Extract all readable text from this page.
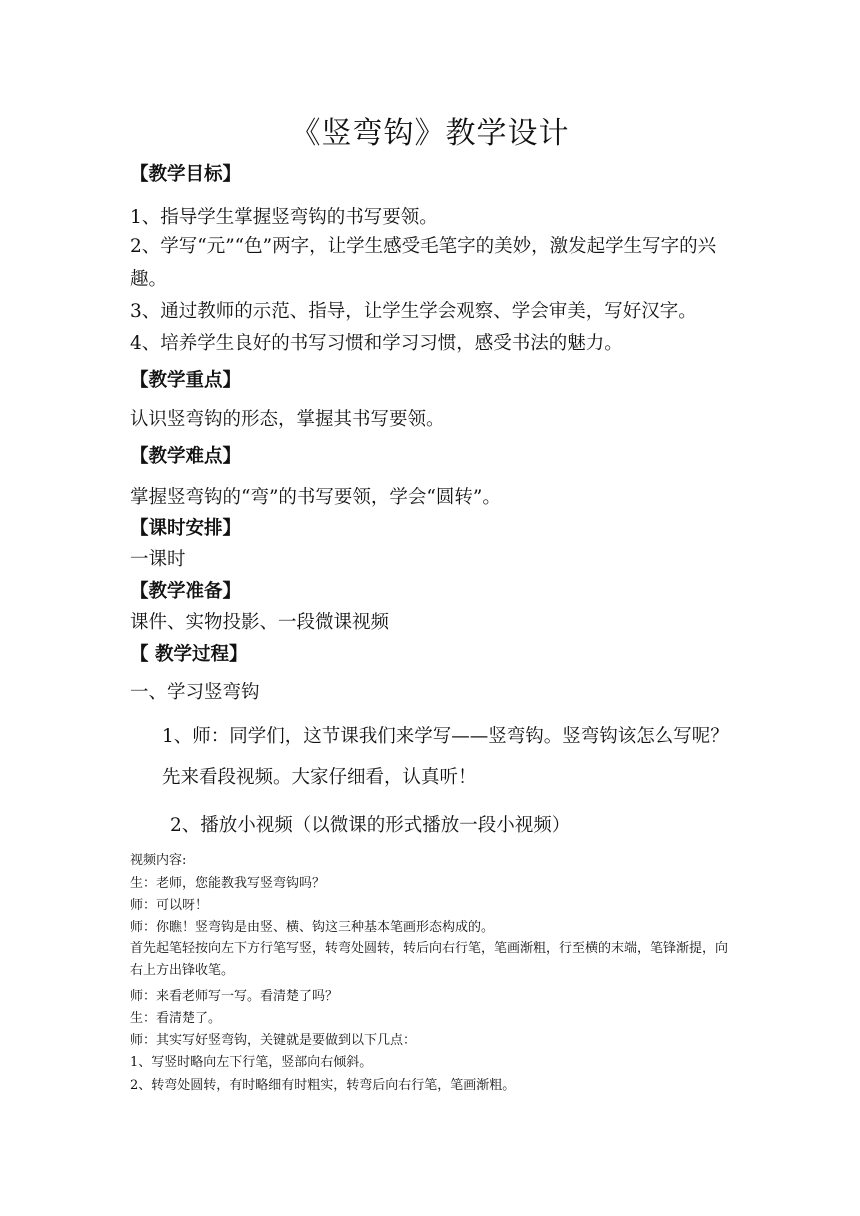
《竖弯钩》教学设计
【教学目标】
1、指导学生掌握竖弯钩的书写要领。
2、学写“元”“色”两字，让学生感受毛笔字的美妙，激发起学生写字的兴趣。
3、通过教师的示范、指导，让学生学会观察、学会审美，写好汉字。
4、培养学生良好的书写习惯和学习习惯，感受书法的魅力。
【教学重点】
认识竖弯钩的形态，掌握其书写要领。
【教学难点】
掌握竖弯钩的“弯”的书写要领，学会“圆转”。
【课时安排】
一课时
【教学准备】
课件、实物投影、一段微课视频
【 教学过程】
一、学习竖弯钩
1、师：同学们，这节课我们来学写——竖弯钩。竖弯钩该怎么写呢？先来看段视频。大家仔细看，认真听！
2、播放小视频（以微课的形式播放一段小视频）
视频内容:
生：老师，您能教我写竖弯钩吗？
师：可以呀！
师：你瞧！竖弯钩是由竖、横、钩这三种基本笔画形态构成的。
首先起笔轻按向左下方行笔写竖，转弯处圆转，转后向右行笔，笔画渐粗，行至横的末端，笔锋渐提，向右上方出锋收笔。
师：来看老师写一写。看清楚了吗？
生：看清楚了。
师：其实写好竖弯钩，关键就是要做到以下几点：
1、写竖时略向左下行笔，竖部向右倾斜。
2、转弯处圆转，有时略细有时粗实，转弯后向右行笔，笔画渐粗。
